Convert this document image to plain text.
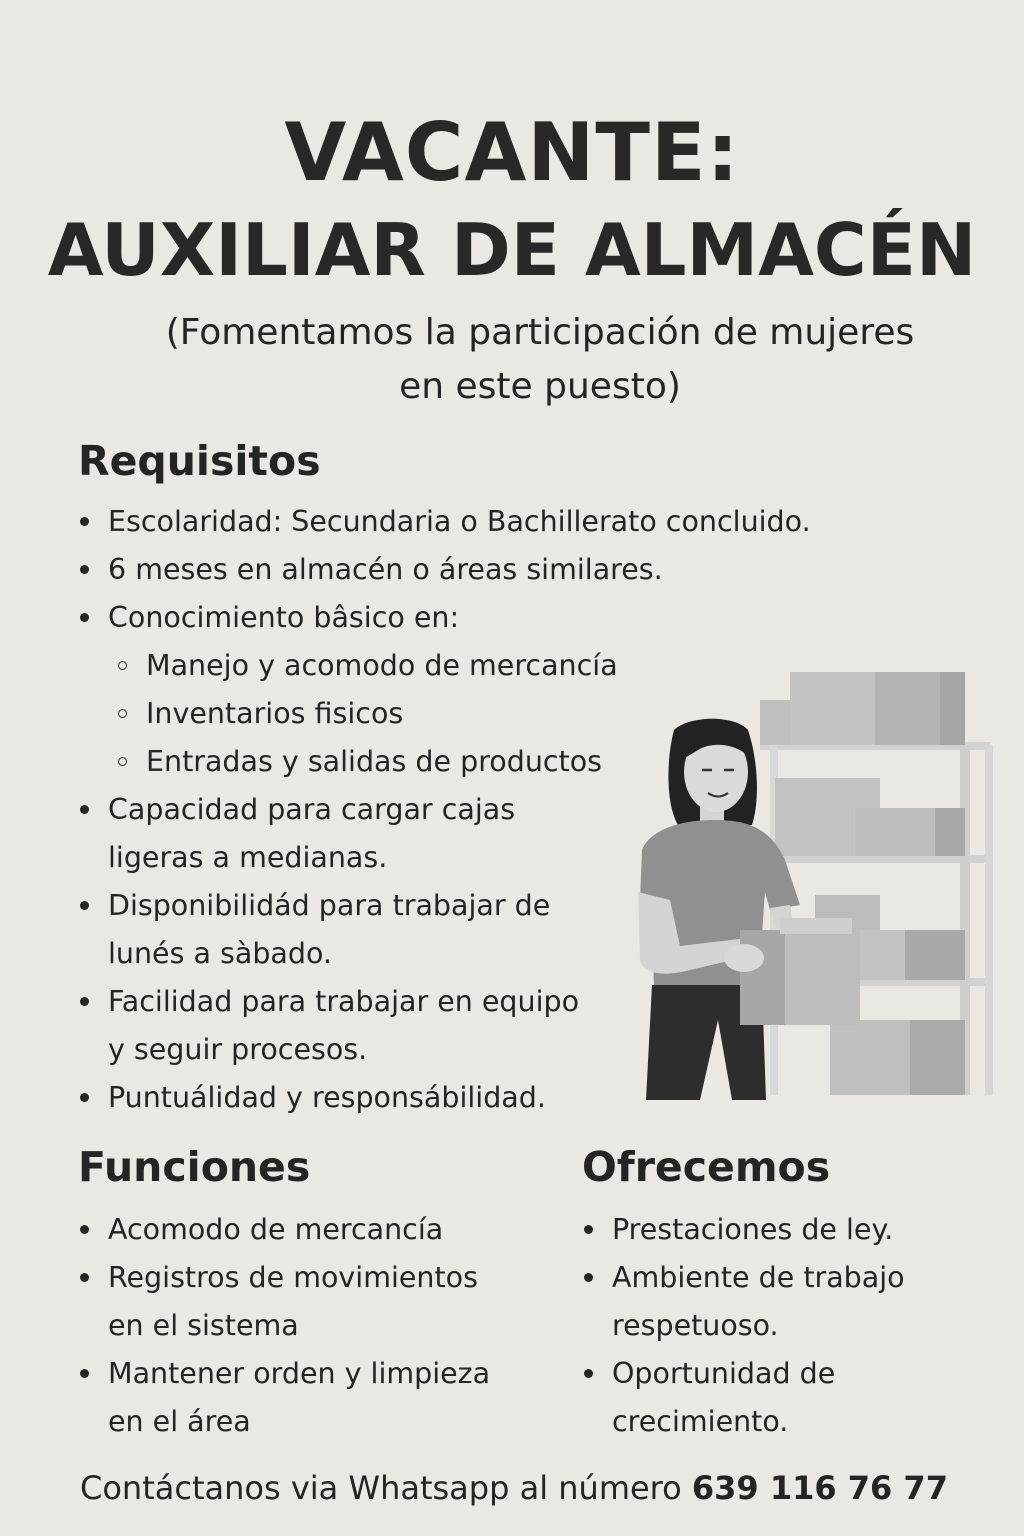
VACANTE:
AUXILIAR DE ALMACÉN
(Fomentamos la participación de mujeres
en este puesto)
Requisitos
Escolaridad: Secundaria o Bachillerato concluido.
6 meses en almacén o áreas similares.
Conocimiento bâsico en:
Manejo y acomodo de mercancía
Inventarios fisicos
Entradas y salidas de productos
Capacidad para cargar cajas
ligeras a medianas.
Disponibilidád para trabajar de
lunés a sàbado.
Facilidad para trabajar en equipo
y seguir procesos.
Puntuálidad y responsábilidad.
Funciones
Acomodo de mercancía
Registros de movimientos
en el sistema
Mantener orden y limpieza
en el área
Ofrecemos
Prestaciones de ley.
Ambiente de trabajo
respetuoso.
Oportunidad de
crecimiento.

Contáctanos via Whatsapp al número 639 116 76 77
